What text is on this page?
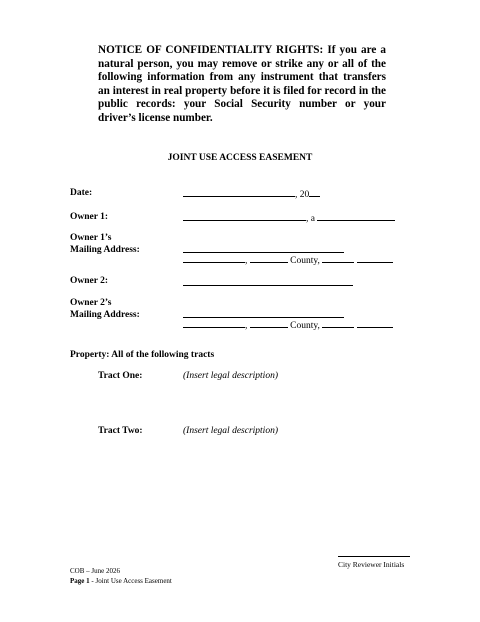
NOTICE OF CONFIDENTIALITY RIGHTS: If you are a natural person, you may remove or strike any or all of the following information from any instrument that transfers an interest in real property before it is filed for record in the public records: your Social Security number or your driver’s license number.
JOINT USE ACCESS EASEMENT
Date:	, 20
Owner 1:	, a
Owner 1’s
Mailing Address:
,	County,
Owner 2:
Owner 2’s
Mailing Address:
,	County,
Property: All of the following tracts
Tract One:	(Insert legal description)
Tract Two:	(Insert legal description)
City Reviewer Initials
COB – June 2026
Page 1 - Joint Use Access Easement
